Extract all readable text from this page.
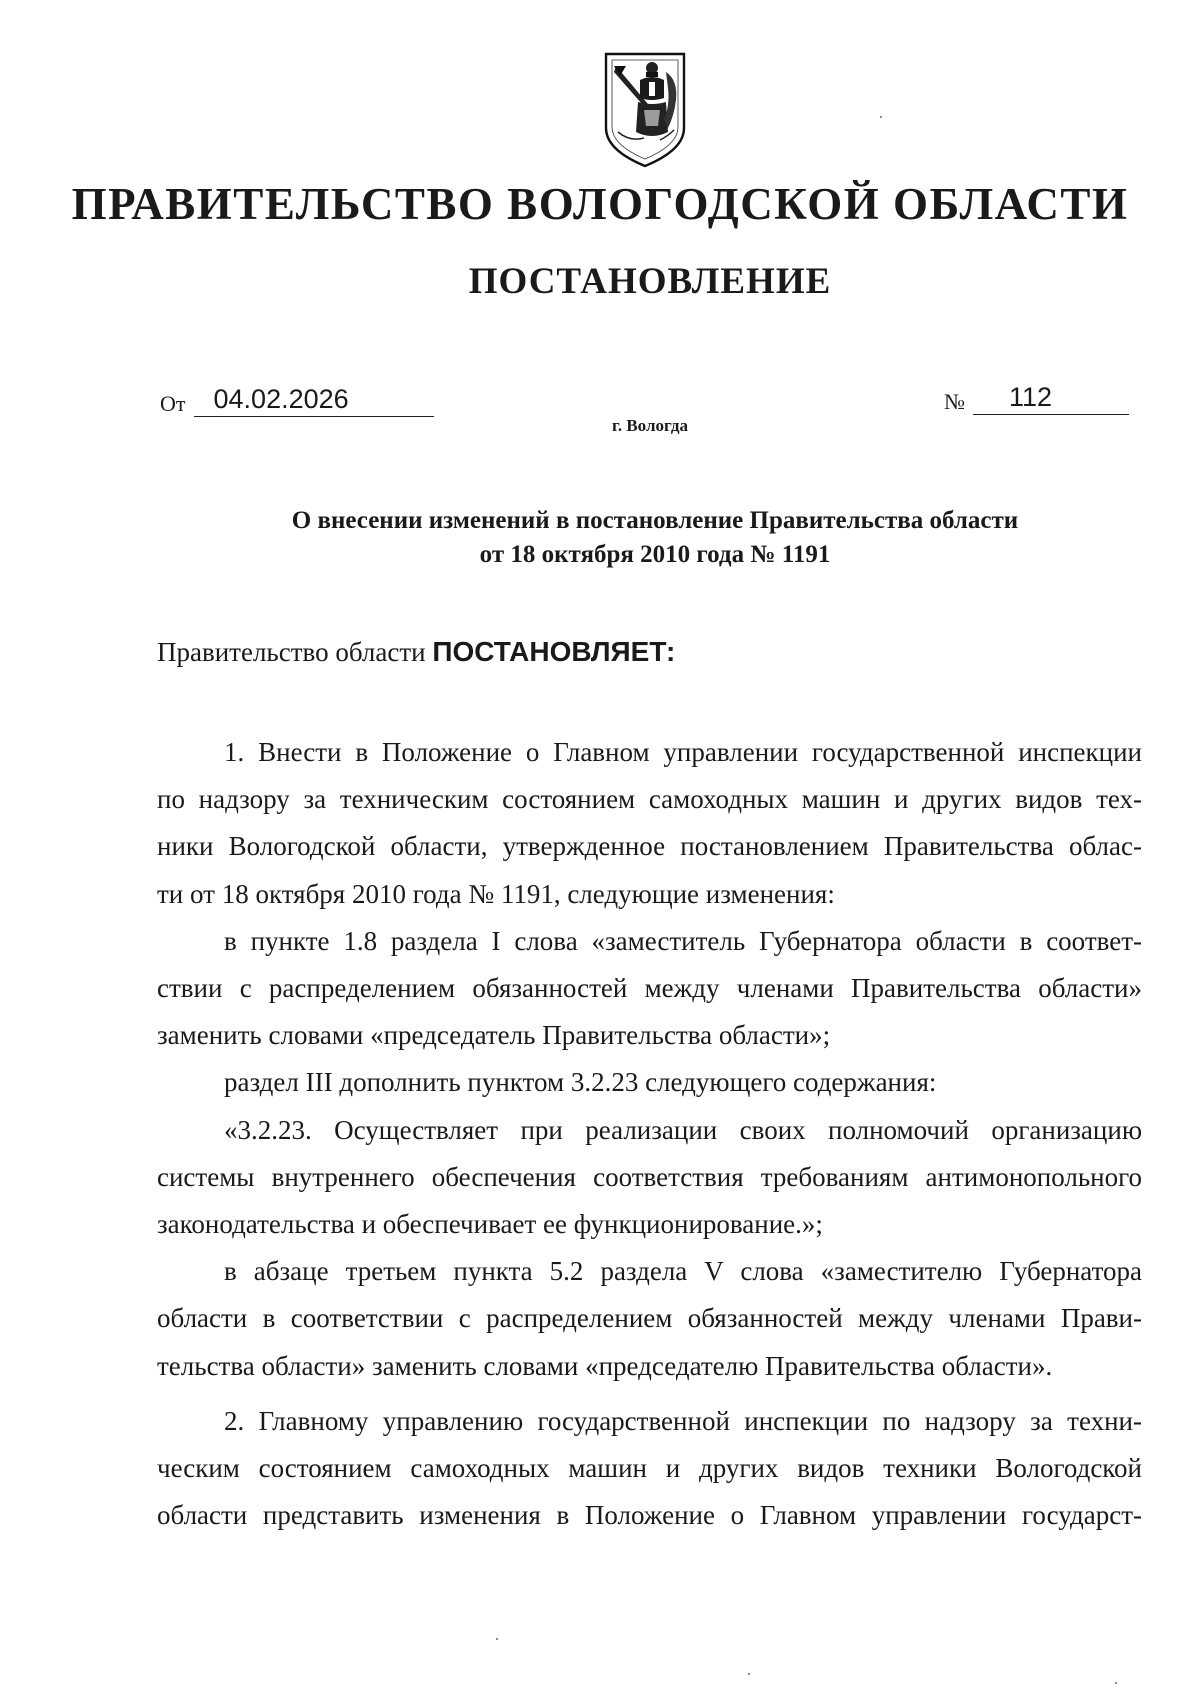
ПРАВИТЕЛЬСТВО ВОЛОГОДСКОЙ ОБЛАСТИ
ПОСТАНОВЛЕНИЕ
От 04.02.2026	№ 112
г. Вологда
О внесении изменений в постановление Правительства области
от 18 октября 2010 года № 1191
Правительство области ПОСТАНОВЛЯЕТ:
1. Внести в Положение о Главном управлении государственной инспекции
по надзору за техническим состоянием самоходных машин и других видов тех-
ники Вологодской области, утвержденное постановлением Правительства облас-
ти от 18 октября 2010 года № 1191, следующие изменения:
в пункте 1.8 раздела I слова «заместитель Губернатора области в соответ-
ствии с распределением обязанностей между членами Правительства области»
заменить словами «председатель Правительства области»;
раздел III дополнить пунктом 3.2.23 следующего содержания:
«3.2.23. Осуществляет при реализации своих полномочий организацию
системы внутреннего обеспечения соответствия требованиям антимонопольного
законодательства и обеспечивает ее функционирование.»;
в абзаце третьем пункта 5.2 раздела V слова «заместителю Губернатора
области в соответствии с распределением обязанностей между членами Прави-
тельства области» заменить словами «председателю Правительства области».
2. Главному управлению государственной инспекции по надзору за техни-
ческим состоянием самоходных машин и других видов техники Вологодской
области представить изменения в Положение о Главном управлении государст-
